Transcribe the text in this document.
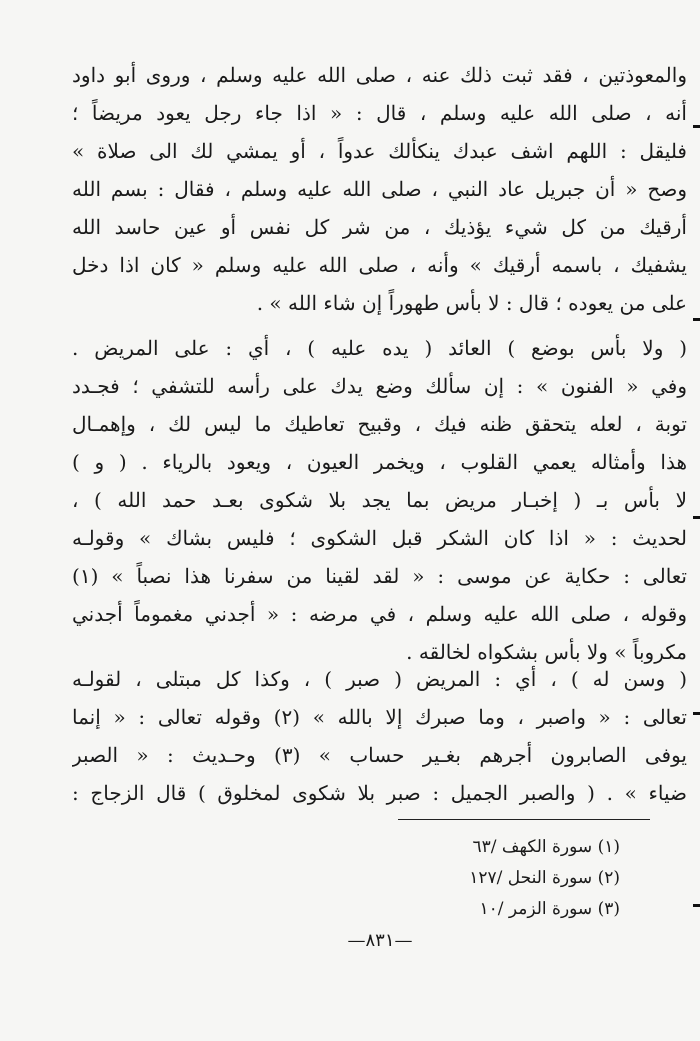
والمعوذتين ، فقد ثبت ذلك عنه ، صلى الله عليه وسلم ، وروى أبو داود
أنه ، صلى الله عليه وسلم ، قال : « اذا جاء رجل يعود مريضاً ؛
فليقل : اللهم اشف عبدك ينكألك عدواً ، أو يمشي لك الى صلاة »
وصح « أن جبريل عاد النبي ، صلى الله عليه وسلم ، فقال : بسم الله
أرقيك من كل شيء يؤذيك ، من شر كل نفس أو عين حاسد الله
يشفيك ، باسمه أرقيك » وأنه ، صلى الله عليه وسلم « كان اذا دخل
على من يعوده ؛ قال : لا بأس طهوراً إن شاء الله » .
( ولا بأس بوضع ) العائد ( يده عليه ) ، أي : على المريض .
وفي « الفنون » : إن سألك وضع يدك على رأسه للتشفي ؛ فجـدد
توبة ، لعله يتحقق ظنه فيك ، وقبيح تعاطيك ما ليس لك ، وإهمـال
هذا وأمثاله يعمي القلوب ، ويخمر العيون ، ويعود بالرياء . ( و )
لا بأس بـ ( إخبـار مريض بما يجد بلا شكوى بعـد حمد الله ) ،
لحديث : « اذا كان الشكر قبل الشكوى ؛ فليس بشاك » وقولـه
تعالى : حكاية عن موسى : « لقد لقينا من سفرنا هذا نصباً » (١)
وقوله ، صلى الله عليه وسلم ، في مرضه : « أجدني مغموماً أجدني
مكروباً » ولا بأس بشكواه لخالقه .
( وسن له ) ، أي : المريض ( صبر ) ، وكذا كل مبتلى ، لقولـه
تعالى : « واصبر ، وما صبرك إلا بالله » (٢) وقوله تعالى : « إنما
يوفى الصابرون أجرهم بغـير حساب » (٣) وحـديث : « الصبر
ضياء » . ( والصبر الجميل : صبر بلا شكوى لمخلوق ) قال الزجاج :
(١) سورة الكهف /٦٣
(٢) سورة النحل /١٢٧
(٣) سورة الزمر /١٠
—٨٣١—
